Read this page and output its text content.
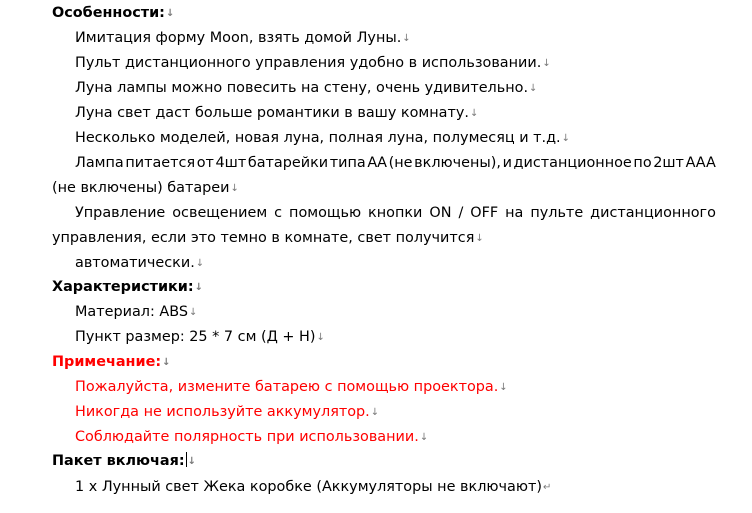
Особенности:↓
Имитация форму Moon, взять домой Луны.↓
Пульт дистанционного управления удобно в использовании.↓
Луна лампы можно повесить на стену, очень удивительно.↓
Луна свет даст больше романтики в вашу комнату.↓
Несколько моделей, новая луна, полная луна, полумесяц и т.д.↓
Лампа питается от 4шт батарейки типа АА (не включены), и дистанционное по 2шт AAA
(не включены) батареи↓
Управление освещением с помощью кнопки ON / OFF на пульте дистанционного
управления, если это темно в комнате, свет получится↓
автоматически.↓
Характеристики:↓
Материал: ABS↓
Пункт размер: 25 * 7 см (Д + Н)↓
Примечание:↓
Пожалуйста, измените батарею с помощью проектора.↓
Никогда не используйте аккумулятор.↓
Соблюдайте полярность при использовании.↓
Пакет включая: ↓
1 x Лунный свет Жека коробке (Аккумуляторы не включают)↵
